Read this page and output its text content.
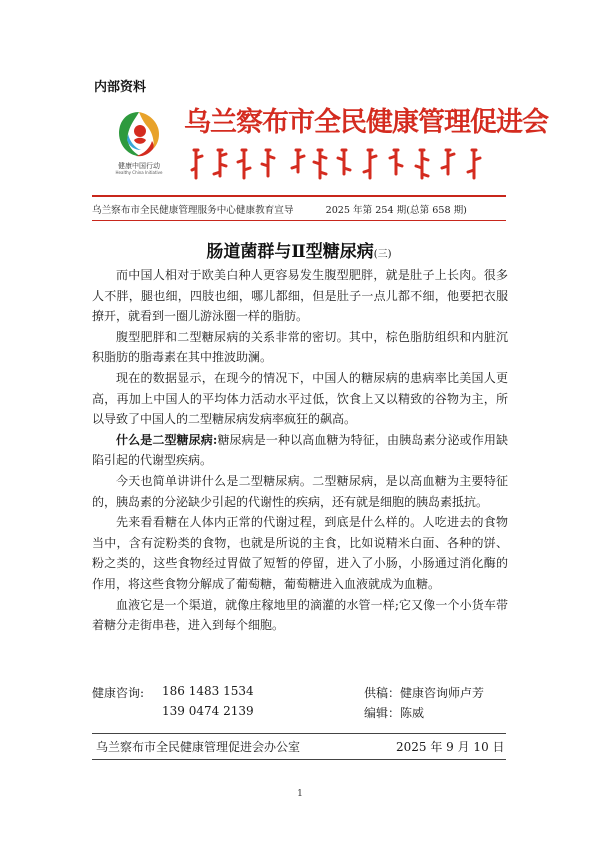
内部资料
健康中国行动
Healthy China Initiative
乌兰察布市全民健康管理促进会
乌兰察布市全民健康管理服务中心健康教育宣导	2025 年第 254 期(总第 658 期)
肠道菌群与Ⅱ型糖尿病(三)

而中国人相对于欧美白种人更容易发生腹型肥胖，就是肚子上长肉。很多人不胖，腿也细，四肢也细，哪儿都细，但是肚子一点儿都不细，他要把衣服撩开，就看到一圈儿游泳圈一样的脂肪。

腹型肥胖和二型糖尿病的关系非常的密切。其中，棕色脂肪组织和内脏沉积脂肪的脂毒素在其中推波助澜。

现在的数据显示，在现今的情况下，中国人的糖尿病的患病率比美国人更高，再加上中国人的平均体力活动水平过低，饮食上又以精致的谷物为主，所以导致了中国人的二型糖尿病发病率疯狂的飙高。

什么是二型糖尿病:糖尿病是一种以高血糖为特征，由胰岛素分泌或作用缺陷引起的代谢型疾病。

今天也简单讲讲什么是二型糖尿病。二型糖尿病，是以高血糖为主要特征的，胰岛素的分泌缺少引起的代谢性的疾病，还有就是细胞的胰岛素抵抗。

先来看看糖在人体内正常的代谢过程，到底是什么样的。人吃进去的食物当中，含有淀粉类的食物，也就是所说的主食，比如说精米白面、各种的饼、粉之类的，这些食物经过胃做了短暂的停留，进入了小肠，小肠通过消化酶的作用，将这些食物分解成了葡萄糖，葡萄糖进入血液就成为血糖。

血液它是一个渠道，就像庄稼地里的滴灌的水管一样;它又像一个小货车带着糖分走街串巷，进入到每个细胞。

健康咨询: 186 1483 1534
139 0474 2139
供稿：健康咨询师卢芳
编辑：陈威
乌兰察布市全民健康管理促进会办公室	2025 年 9 月 10 日
1
